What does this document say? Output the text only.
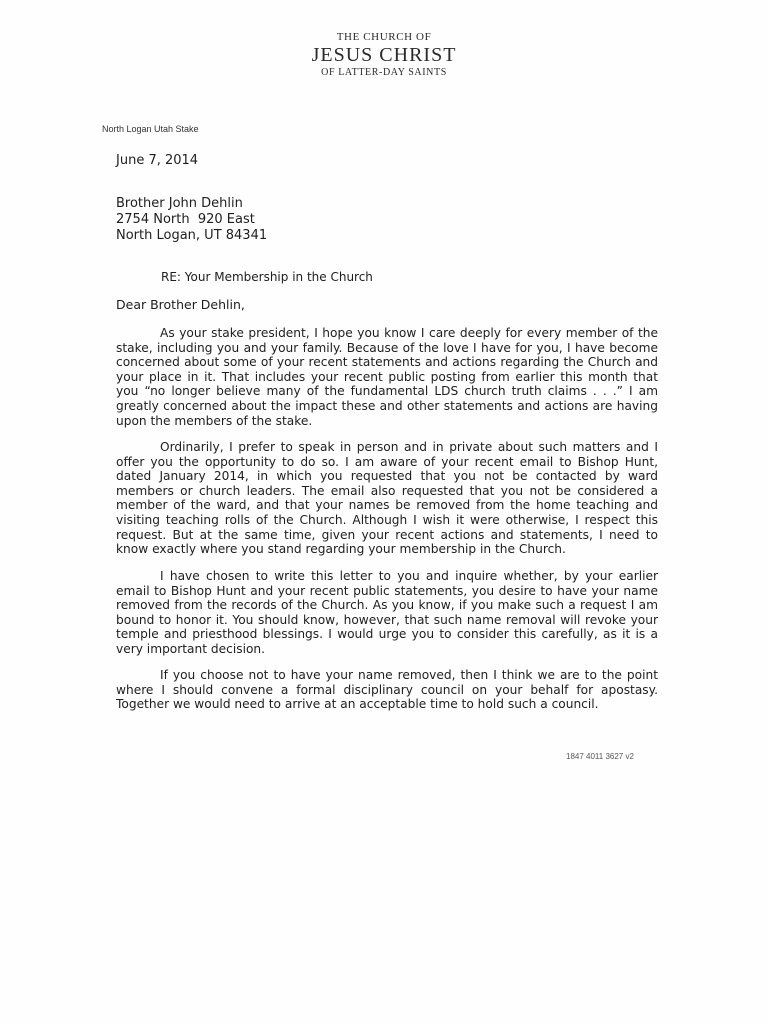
THE CHURCH OF
JESUS CHRIST
OF LATTER-DAY SAINTS
North Logan Utah Stake
June 7, 2014
Brother John Dehlin
2754 North  920 East
North Logan, UT 84341
RE: Your Membership in the Church
Dear Brother Dehlin,

As your stake president, I hope you know I care deeply for every member of the stake, including you and your family. Because of the love I have for you, I have become concerned about some of your recent statements and actions regarding the Church and your place in it. That includes your recent public posting from earlier this month that you “no longer believe many of the fundamental LDS church truth claims . . .” I am greatly concerned about the impact these and other statements and actions are having upon the members of the stake.

Ordinarily, I prefer to speak in person and in private about such matters and I offer you the opportunity to do so. I am aware of your recent email to Bishop Hunt, dated January 2014, in which you requested that you not be contacted by ward members or church leaders. The email also requested that you not be considered a member of the ward, and that your names be removed from the home teaching and visiting teaching rolls of the Church. Although I wish it were otherwise, I respect this request. But at the same time, given your recent actions and statements, I need to know exactly where you stand regarding your membership in the Church.

I have chosen to write this letter to you and inquire whether, by your earlier email to Bishop Hunt and your recent public statements, you desire to have your name removed from the records of the Church. As you know, if you make such a request I am bound to honor it. You should know, however, that such name removal will revoke your temple and priesthood blessings. I would urge you to consider this carefully, as it is a very important decision.

If you choose not to have your name removed, then I think we are to the point where I should convene a formal disciplinary council on your behalf for apostasy. Together we would need to arrive at an acceptable time to hold such a council.

1847 4011 3627 v2
